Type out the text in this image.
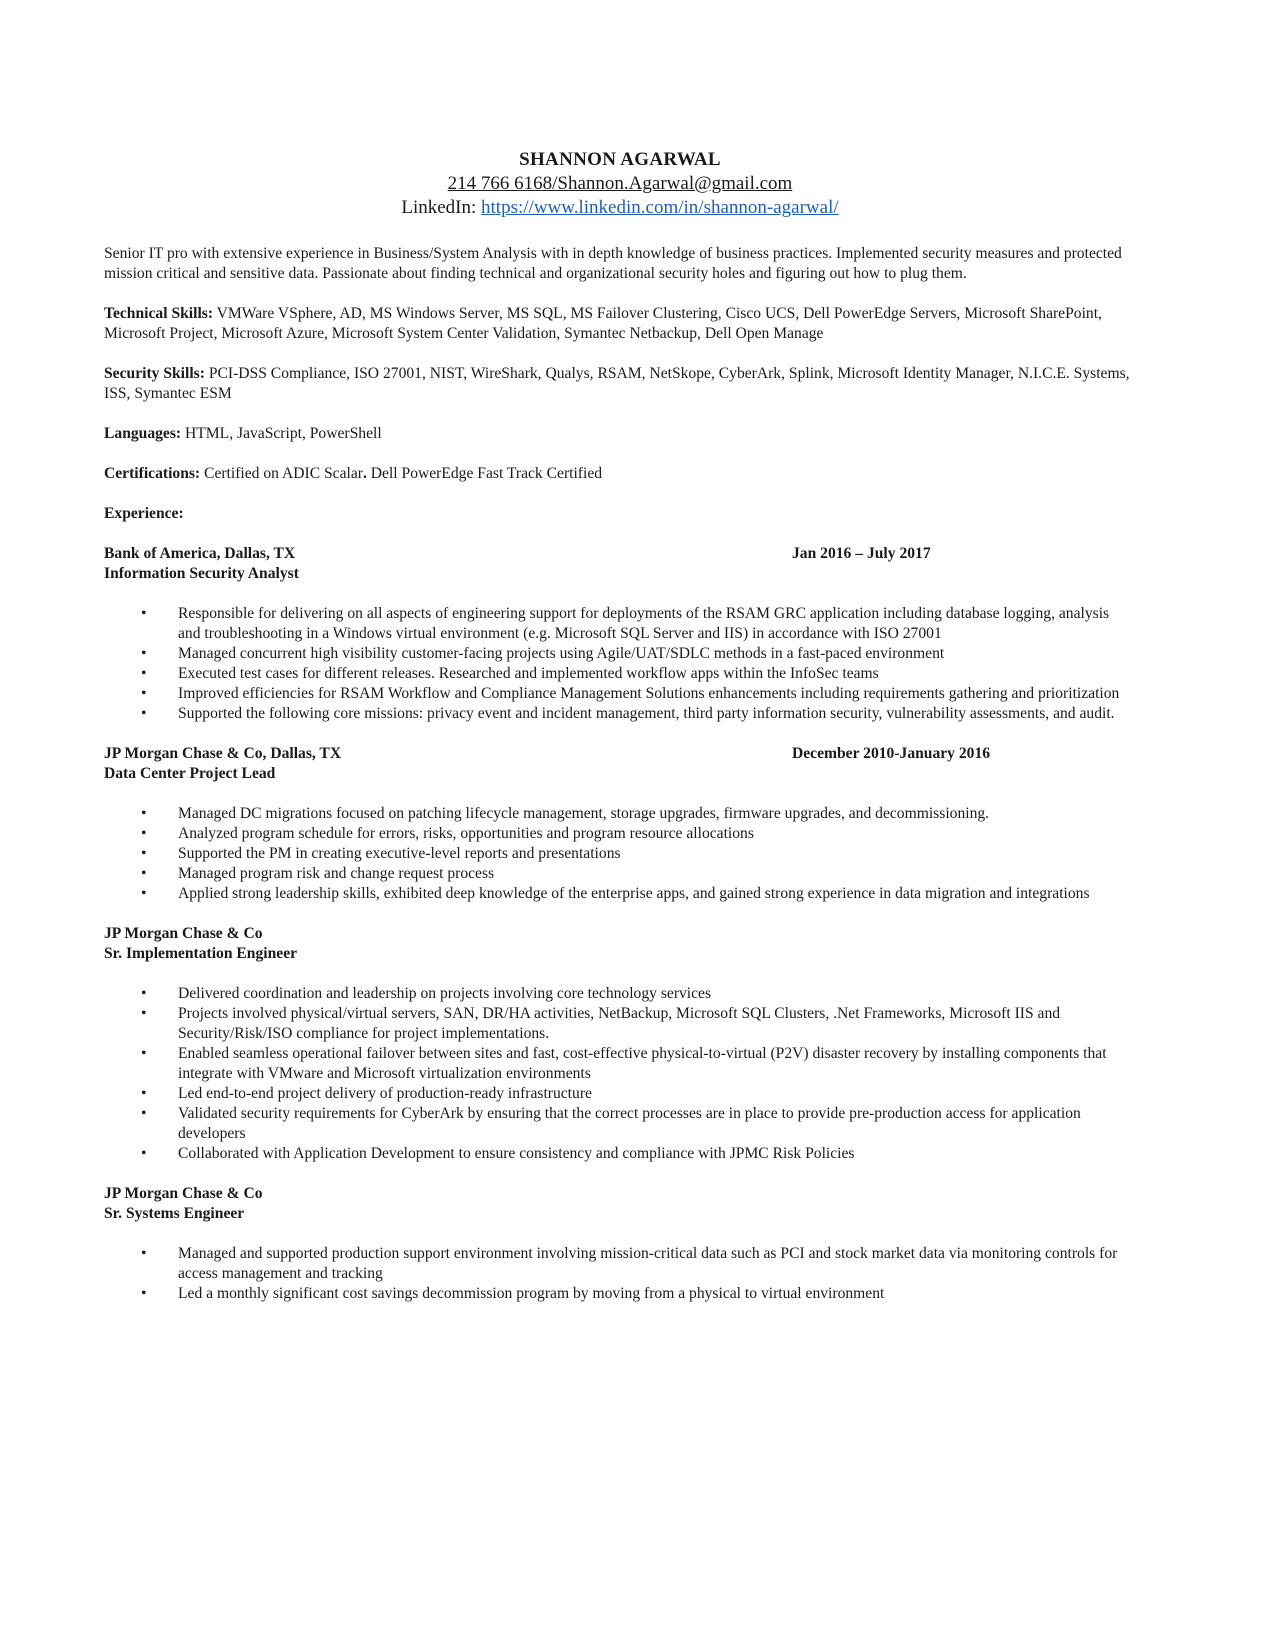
SHANNON AGARWAL
214 766 6168/Shannon.Agarwal@gmail.com
LinkedIn: https://www.linkedin.com/in/shannon-agarwal/

Senior IT pro with extensive experience in Business/System Analysis with in depth knowledge of business practices. Implemented security measures and protected mission critical and sensitive data. Passionate about finding technical and organizational security holes and figuring out how to plug them.

Technical Skills: VMWare VSphere, AD, MS Windows Server, MS SQL, MS Failover Clustering, Cisco UCS, Dell PowerEdge Servers, Microsoft SharePoint, Microsoft Project, Microsoft Azure, Microsoft System Center Validation, Symantec Netbackup, Dell Open Manage

Security Skills: PCI-DSS Compliance, ISO 27001, NIST, WireShark, Qualys, RSAM, NetSkope, CyberArk, Splink, Microsoft Identity Manager, N.I.C.E. Systems, ISS, Symantec ESM

Languages: HTML, JavaScript, PowerShell

Certifications: Certified on ADIC Scalar. Dell PowerEdge Fast Track Certified

Experience:
Bank of America, Dallas, TX	Jan 2016 – July 2017
Information Security Analyst
• Responsible for delivering on all aspects of engineering support for deployments of the RSAM GRC application including database logging, analysis and troubleshooting in a Windows virtual environment (e.g. Microsoft SQL Server and IIS) in accordance with ISO 27001
• Managed concurrent high visibility customer-facing projects using Agile/UAT/SDLC methods in a fast-paced environment
• Executed test cases for different releases. Researched and implemented workflow apps within the InfoSec teams
• Improved efficiencies for RSAM Workflow and Compliance Management Solutions enhancements including requirements gathering and prioritization
• Supported the following core missions: privacy event and incident management, third party information security, vulnerability assessments, and audit.
JP Morgan Chase & Co, Dallas, TX	December 2010-January 2016
Data Center Project Lead
• Managed DC migrations focused on patching lifecycle management, storage upgrades, firmware upgrades, and decommissioning.
• Analyzed program schedule for errors, risks, opportunities and program resource allocations
• Supported the PM in creating executive-level reports and presentations
• Managed program risk and change request process
• Applied strong leadership skills, exhibited deep knowledge of the enterprise apps, and gained strong experience in data migration and integrations
JP Morgan Chase & Co
Sr. Implementation Engineer
• Delivered coordination and leadership on projects involving core technology services
• Projects involved physical/virtual servers, SAN, DR/HA activities, NetBackup, Microsoft SQL Clusters, .Net Frameworks, Microsoft IIS and Security/Risk/ISO compliance for project implementations.
• Enabled seamless operational failover between sites and fast, cost-effective physical-to-virtual (P2V) disaster recovery by installing components that integrate with VMware and Microsoft virtualization environments
• Led end-to-end project delivery of production-ready infrastructure
• Validated security requirements for CyberArk by ensuring that the correct processes are in place to provide pre-production access for application developers
• Collaborated with Application Development to ensure consistency and compliance with JPMC Risk Policies
JP Morgan Chase & Co
Sr. Systems Engineer
• Managed and supported production support environment involving mission-critical data such as PCI and stock market data via monitoring controls for access management and tracking
• Led a monthly significant cost savings decommission program by moving from a physical to virtual environment
